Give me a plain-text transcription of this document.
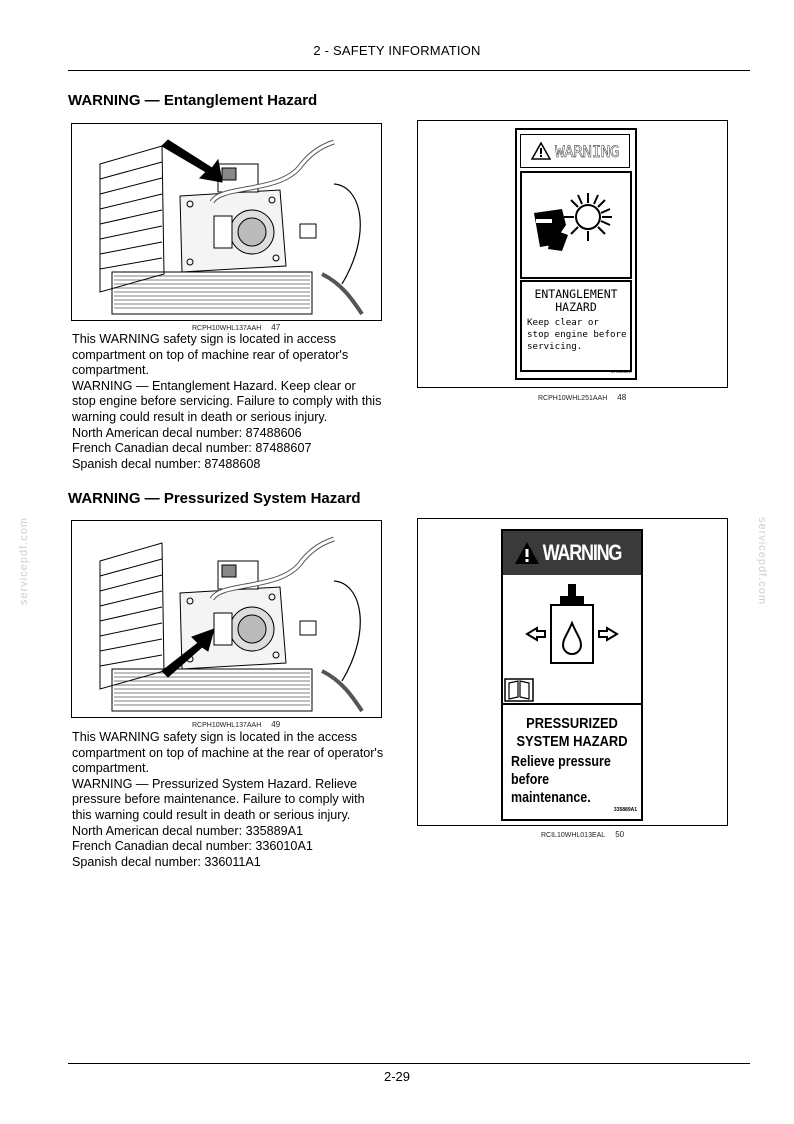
2 - SAFETY INFORMATION
servicepdf.com	servicepdf.com
WARNING — Entanglement Hazard
RCPH10WHL137AAH 47
This WARNING safety sign is located in access
compartment on top of machine rear of operator's
compartment.
WARNING — Entanglement Hazard. Keep clear or
stop engine before servicing. Failure to comply with this
warning could result in death or serious injury.
North American decal number: 87488606
French Canadian decal number: 87488607
Spanish decal number: 87488608
WARNING
ENTANGLEMENT
HAZARD
Keep clear or
stop engine before
servicing.
87488606
RCPH10WHL251AAH 48
WARNING — Pressurized System Hazard
RCPH10WHL137AAH 49
This WARNING safety sign is located in the access
compartment on top of machine at the rear of operator's
compartment.
WARNING — Pressurized System Hazard. Relieve
pressure before maintenance. Failure to comply with
this warning could result in death or serious injury.
North American decal number: 335889A1
French Canadian decal number: 336010A1
Spanish decal number: 336011A1
WARNING
PRESSURIZED
SYSTEM HAZARD
Relieve pressure
before
maintenance.
335889A1
RCIL10WHL013EAL 50
2-29
